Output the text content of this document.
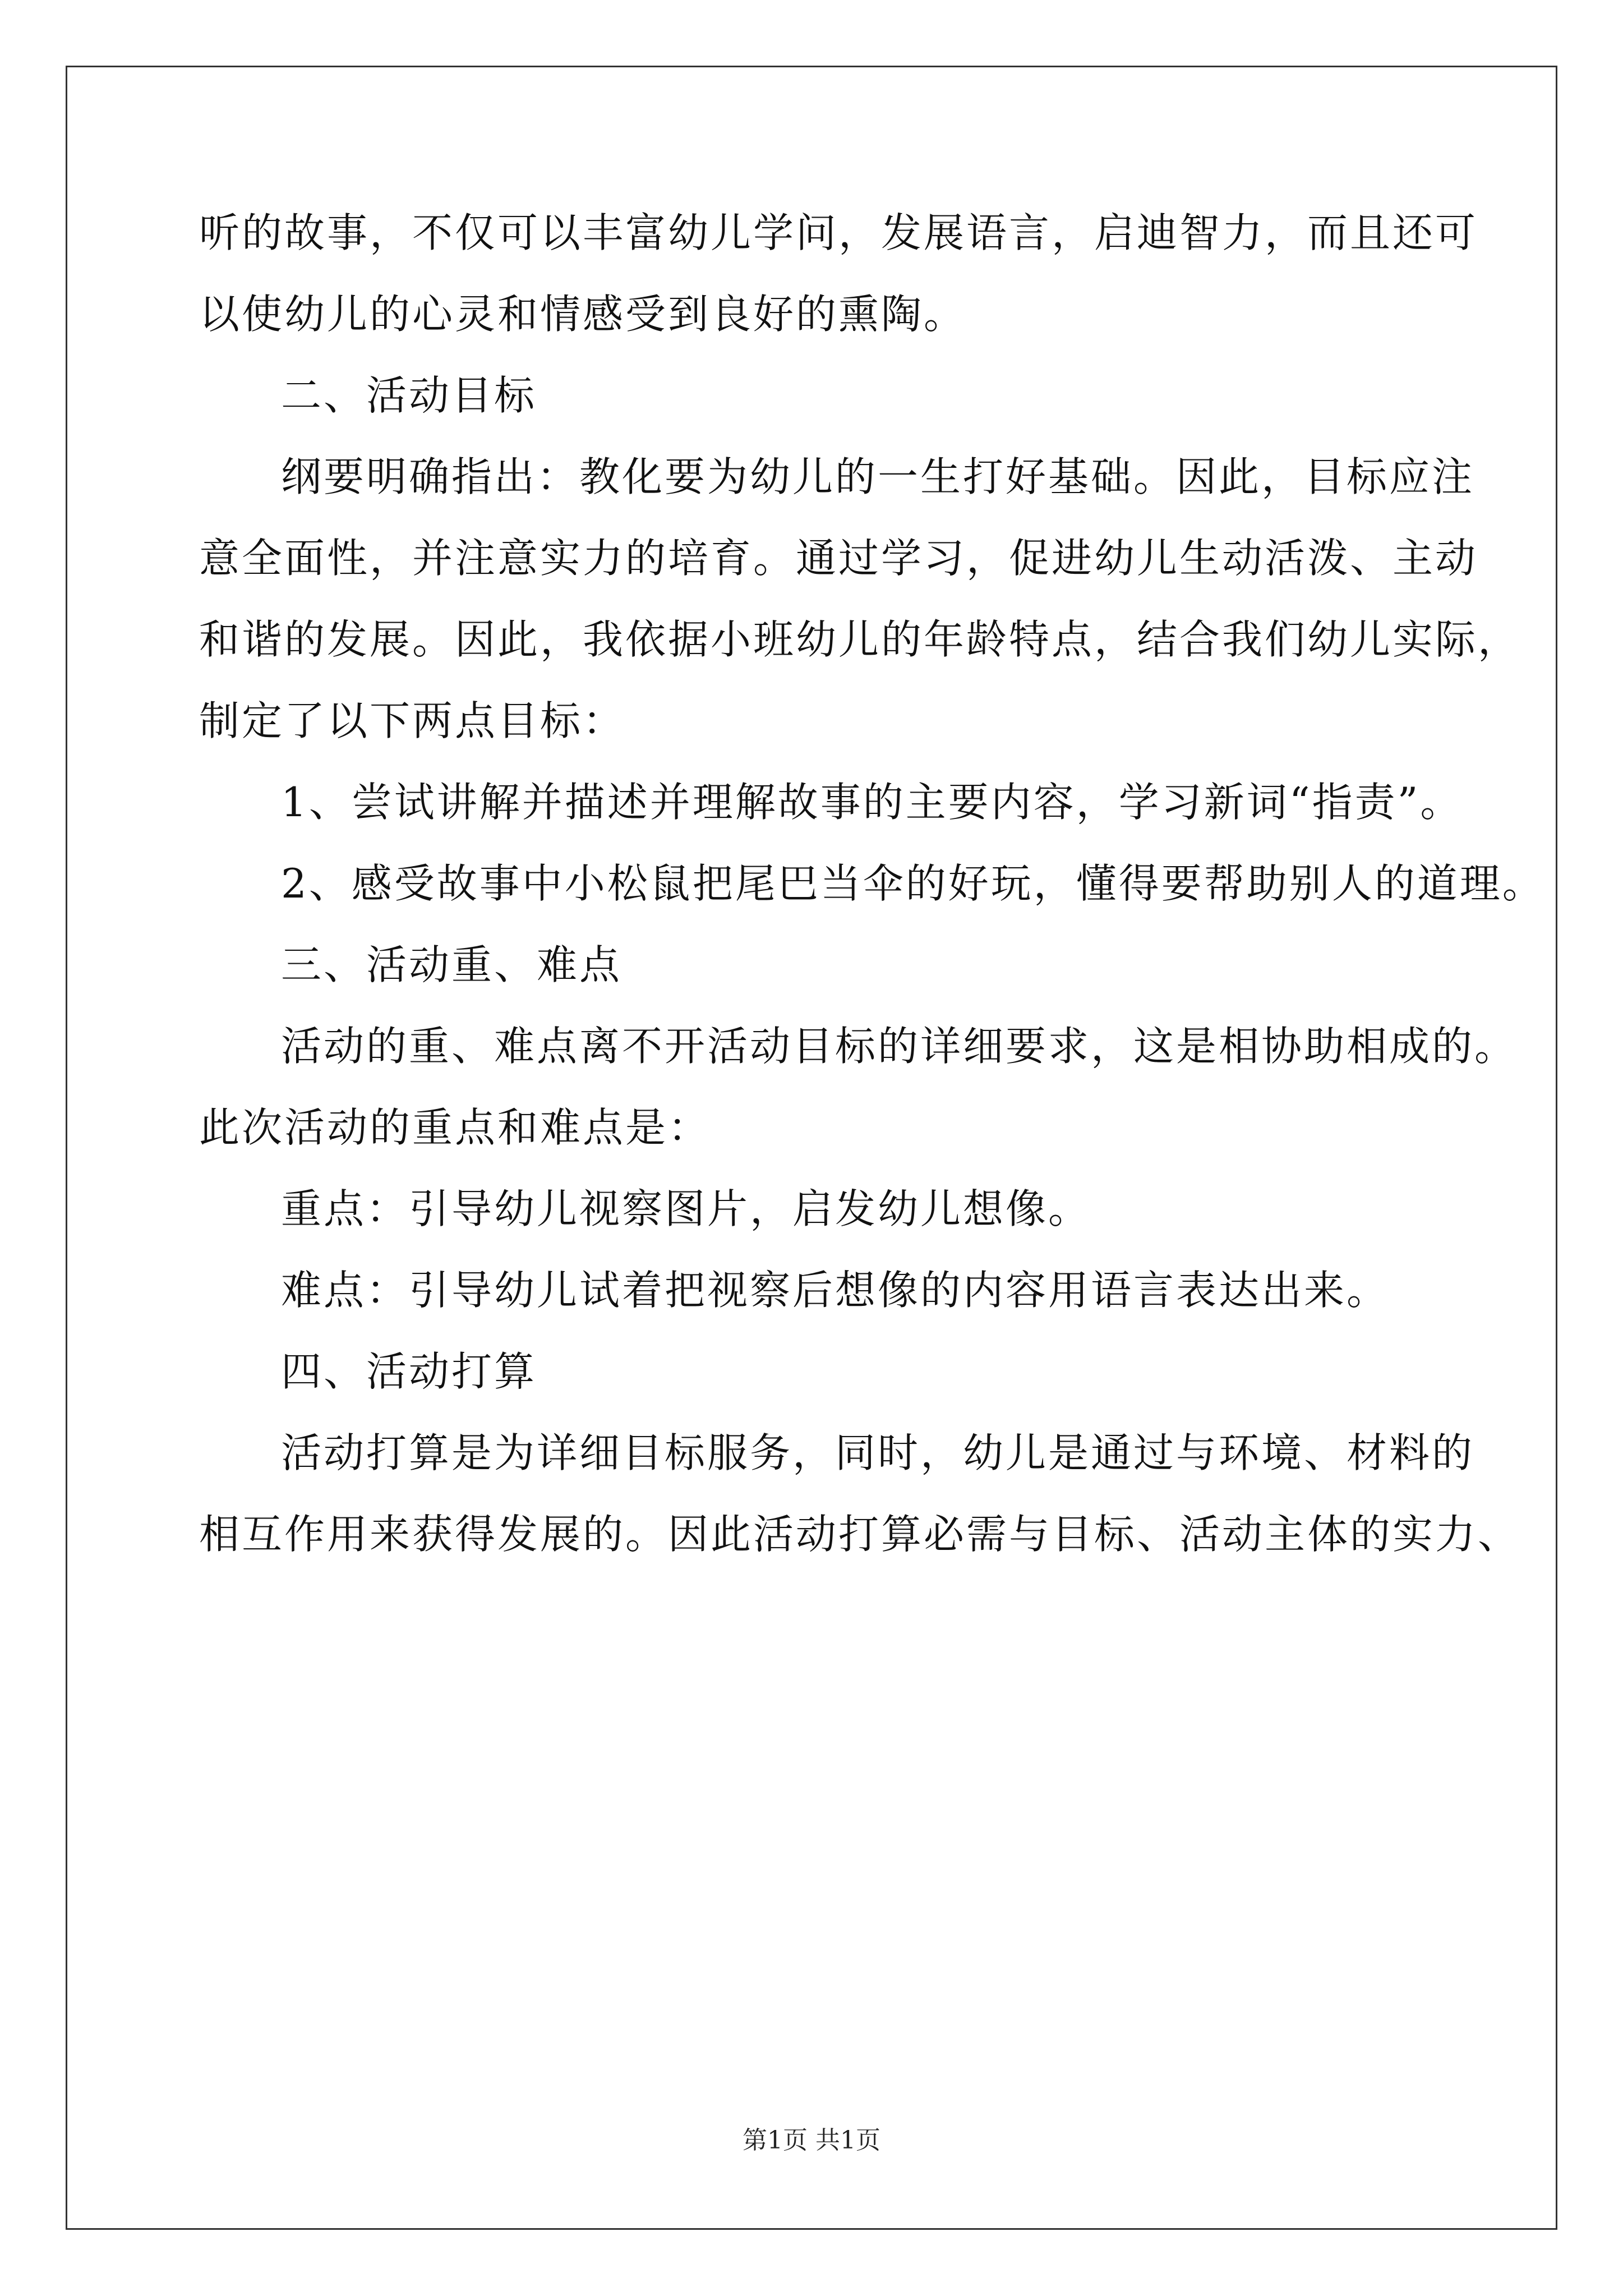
听的故事，不仅可以丰富幼儿学问，发展语言，启迪智力，而且还可
以使幼儿的心灵和情感受到良好的熏陶。
二、活动目标
纲要明确指出：教化要为幼儿的一生打好基础。因此，目标应注
意全面性，并注意实力的培育。通过学习，促进幼儿生动活泼、主动
和谐的发展。因此，我依据小班幼儿的年龄特点，结合我们幼儿实际，
制定了以下两点目标：
1、尝试讲解并描述并理解故事的主要内容，学习新词“指责”。
2、感受故事中小松鼠把尾巴当伞的好玩，懂得要帮助别人的道理。
三、活动重、难点
活动的重、难点离不开活动目标的详细要求，这是相协助相成的。
此次活动的重点和难点是：
重点：引导幼儿视察图片，启发幼儿想像。
难点：引导幼儿试着把视察后想像的内容用语言表达出来。
四、活动打算
活动打算是为详细目标服务，同时，幼儿是通过与环境、材料的
相互作用来获得发展的。因此活动打算必需与目标、活动主体的实力、
第1页 共1页
